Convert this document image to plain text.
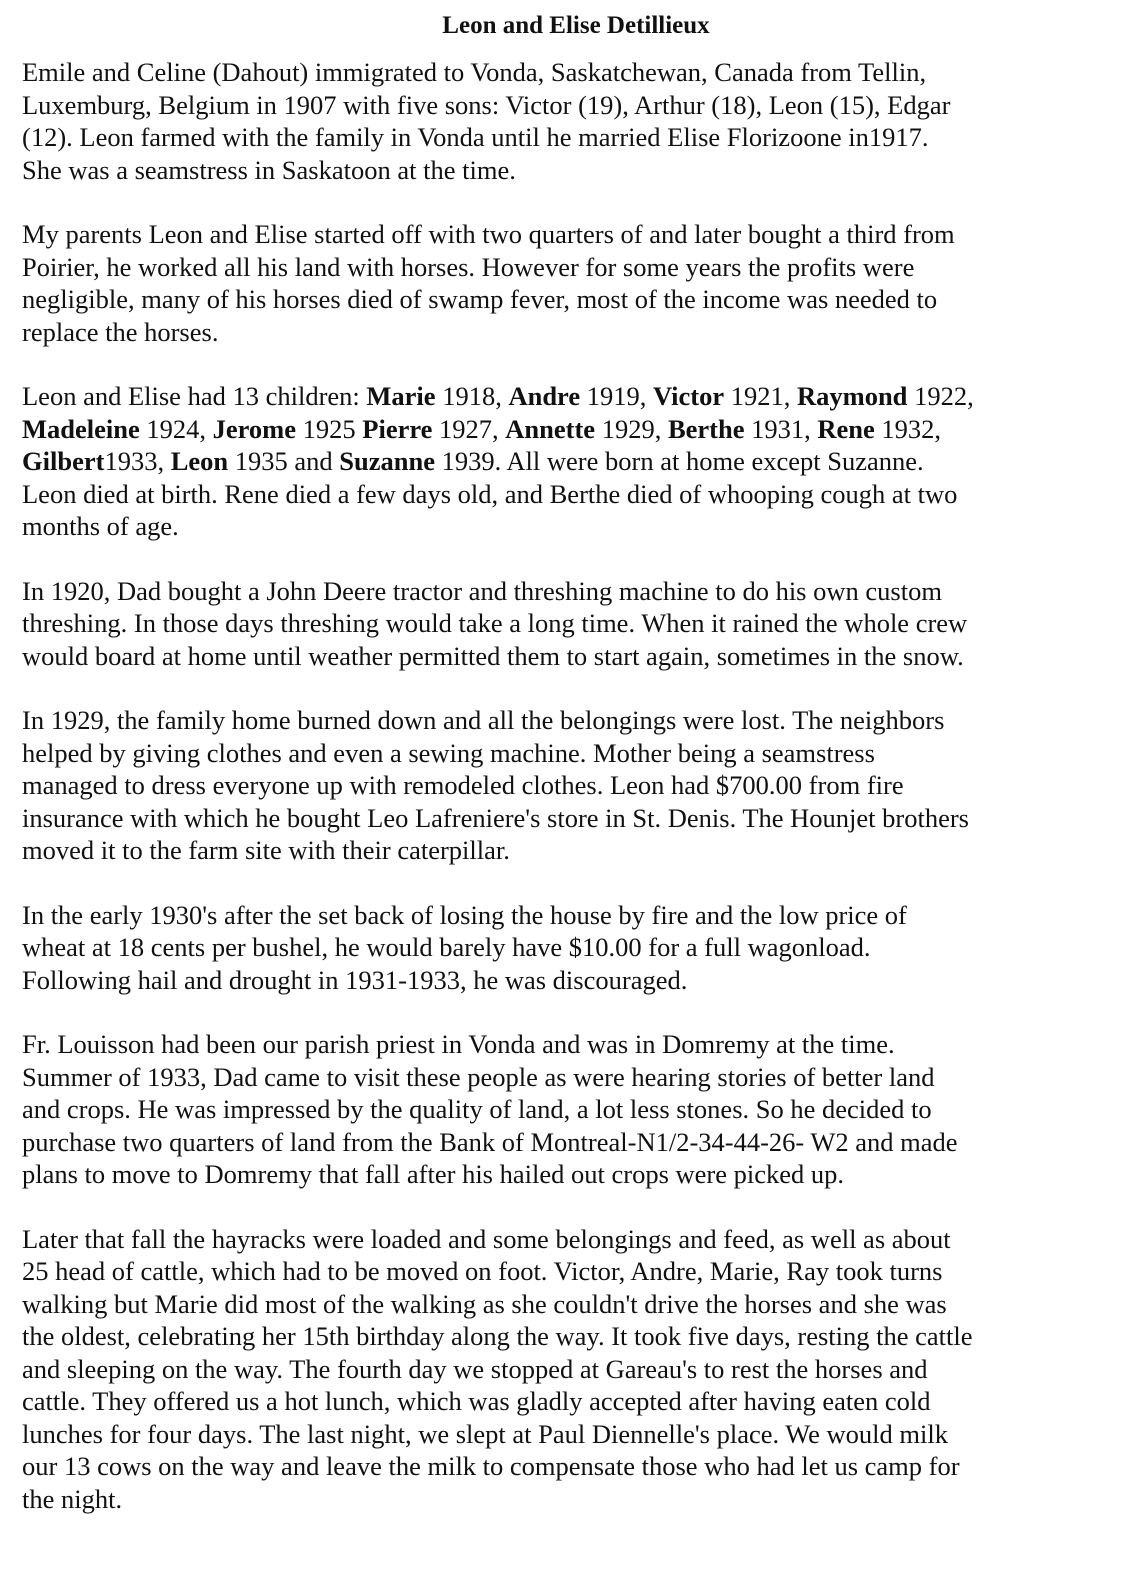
Leon and Elise Detillieux
Emile and Celine (Dahout) immigrated to Vonda, Saskatchewan, Canada from Tellin,
Luxemburg, Belgium in 1907 with five sons: Victor (19), Arthur (18), Leon (15), Edgar
(12). Leon farmed with the family in Vonda until he married Elise Florizoone in1917.
She was a seamstress in Saskatoon at the time.
My parents Leon and Elise started off with two quarters of and later bought a third from
Poirier, he worked all his land with horses. However for some years the profits were
negligible, many of his horses died of swamp fever, most of the income was needed to
replace the horses.
Leon and Elise had 13 children: Marie 1918, Andre 1919, Victor 1921, Raymond 1922,
Madeleine 1924, Jerome 1925 Pierre 1927, Annette 1929, Berthe 1931, Rene 1932,
Gilbert1933, Leon 1935 and Suzanne 1939. All were born at home except Suzanne.
Leon died at birth. Rene died a few days old, and Berthe died of whooping cough at two
months of age.
In 1920, Dad bought a John Deere tractor and threshing machine to do his own custom
threshing. In those days threshing would take a long time. When it rained the whole crew
would board at home until weather permitted them to start again, sometimes in the snow.
In 1929, the family home burned down and all the belongings were lost. The neighbors
helped by giving clothes and even a sewing machine. Mother being a seamstress
managed to dress everyone up with remodeled clothes. Leon had $700.00 from fire
insurance with which he bought Leo Lafreniere's store in St. Denis. The Hounjet brothers
moved it to the farm site with their caterpillar.
In the early 1930's after the set back of losing the house by fire and the low price of
wheat at 18 cents per bushel, he would barely have $10.00 for a full wagonload.
Following hail and drought in 1931-1933, he was discouraged.
Fr. Louisson had been our parish priest in Vonda and was in Domremy at the time.
Summer of 1933, Dad came to visit these people as were hearing stories of better land
and crops. He was impressed by the quality of land, a lot less stones. So he decided to
purchase two quarters of land from the Bank of Montreal-N1/2-34-44-26- W2 and made
plans to move to Domremy that fall after his hailed out crops were picked up.
Later that fall the hayracks were loaded and some belongings and feed, as well as about
25 head of cattle, which had to be moved on foot. Victor, Andre, Marie, Ray took turns
walking but Marie did most of the walking as she couldn't drive the horses and she was
the oldest, celebrating her 15th birthday along the way. It took five days, resting the cattle
and sleeping on the way. The fourth day we stopped at Gareau's to rest the horses and
cattle. They offered us a hot lunch, which was gladly accepted after having eaten cold
lunches for four days. The last night, we slept at Paul Diennelle's place. We would milk
our 13 cows on the way and leave the milk to compensate those who had let us camp for
the night.
